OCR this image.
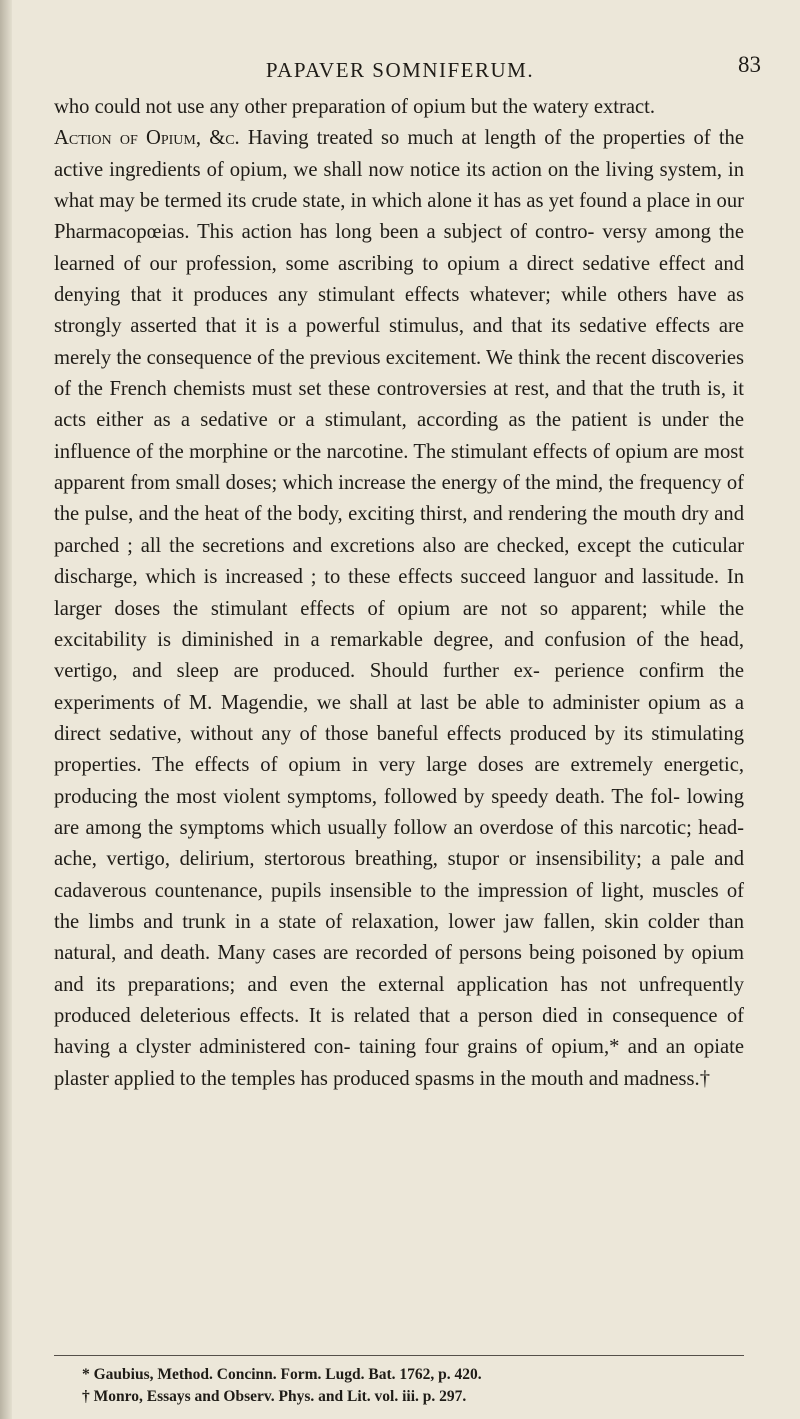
PAPAVER SOMNIFERUM.	83

who could not use any other preparation of opium but the watery extract.

Action of Opium, &c. Having treated so much at length of the properties of the active ingredients of opium, we shall now notice its action on the living system, in what may be termed its crude state, in which alone it has as yet found a place in our Pharmacopœias. This action has long been a subject of contro- versy among the learned of our profession, some ascribing to opium a direct sedative effect and denying that it produces any stimulant effects whatever; while others have as strongly asserted that it is a powerful stimulus, and that its sedative effects are merely the consequence of the previous excitement. We think the recent discoveries of the French chemists must set these controversies at rest, and that the truth is, it acts either as a sedative or a stimulant, according as the patient is under the influence of the morphine or the narcotine. The stimulant effects of opium are most apparent from small doses; which increase the energy of the mind, the frequency of the pulse, and the heat of the body, exciting thirst, and rendering the mouth dry and parched ; all the secretions and excretions also are checked, except the cuticular discharge, which is increased ; to these effects succeed languor and lassitude. In larger doses the stimulant effects of opium are not so apparent; while the excitability is diminished in a remarkable degree, and confusion of the head, vertigo, and sleep are produced. Should further ex- perience confirm the experiments of M. Magendie, we shall at last be able to administer opium as a direct sedative, without any of those baneful effects produced by its stimulating properties. The effects of opium in very large doses are extremely energetic, producing the most violent symptoms, followed by speedy death. The fol- lowing are among the symptoms which usually follow an overdose of this narcotic; head-ache, vertigo, delirium, stertorous breathing, stupor or insensibility; a pale and cadaverous countenance, pupils insensible to the impression of light, muscles of the limbs and trunk in a state of relaxation, lower jaw fallen, skin colder than natural, and death. Many cases are recorded of persons being poisoned by opium and its preparations; and even the external application has not unfrequently produced deleterious effects. It is related that a person died in consequence of having a clyster administered con- taining four grains of opium,* and an opiate plaster applied to the temples has produced spasms in the mouth and madness.†

* Gaubius, Method. Concinn. Form. Lugd. Bat. 1762, p. 420.
† Monro, Essays and Observ. Phys. and Lit. vol. iii. p. 297.
